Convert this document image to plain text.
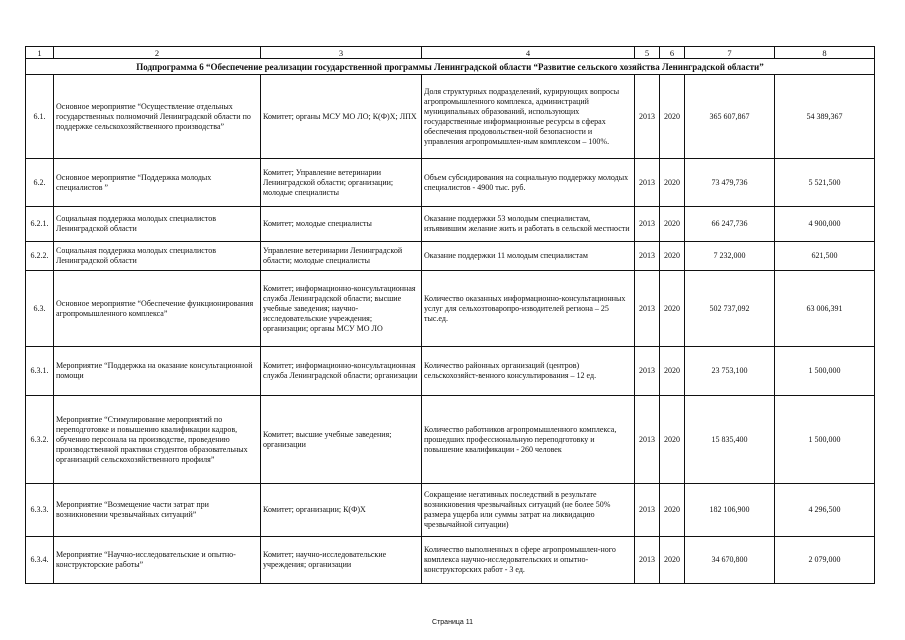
1	2	3	4	5	6	7	8
Подпрограмма 6 “Обеспечение реализации государственной программы Ленинградской области “Развитие сельского хозяйства Ленинградской области”							
6.1.	Основное мероприятие “Осуществление отдельных государственных полномочий Ленинградской области по поддержке сельскохозяйственного производства”	Комитет; органы МСУ МО ЛО; К(Ф)Х; ЛПХ	Доля структурных подразделений, курирующих вопросы агропромышленного комплекса, администраций муниципальных образований, использующих государственные информационные ресурсы в сферах обеспечения продовольствен-ной безопасности и управления агропромышлен-ным комплексом – 100%.	2013	2020	365 607,867	54 389,367
6.2.	Основное мероприятие “Поддержка молодых специалистов ”	Комитет; Управление ветеринарии Ленинградской области; организации; молодые специалисты	Объем субсидирования на социальную поддержку молодых специалистов - 4900 тыс. руб.	2013	2020	73 479,736	5 521,500
6.2.1.	Социальная поддержка молодых специалистов Ленинградской области	Комитет; молодые специалисты	Оказание поддержки 53 молодым специалистам, изъявившим желание жить и работать в сельской местности	2013	2020	66 247,736	4 900,000
6.2.2.	Социальная поддержка молодых специалистов Ленинградской области	Управление ветеринарии Ленинградской области; молодые специалисты	Оказание поддержки 11 молодым специалистам	2013	2020	7 232,000	621,500
6.3.	Основное мероприятие “Обеспечение функционирования агропромышленного комплекса”	Комитет; информационно-консультационная служба Ленинградской области; высшие учебные заведения; научно-исследовательские учреждения; организации; органы МСУ МО ЛО	Количество оказанных информационно-консультационных услуг для сельхозтоваропро-изводителей региона – 25 тыс.ед.	2013	2020	502 737,092	63 006,391
6.3.1.	Мероприятие “Поддержка на оказание консультационной помощи	Комитет; информационно-консультационная служба Ленинградской области; организации	Количество районных организаций (центров) сельскохозяйст-венного консультирования – 12 ед.	2013	2020	23 753,100	1 500,000
6.3.2.	Мероприятие “Стимулирование мероприятий по переподготовке и повышению квалификации кадров, обучению персонала на производстве, проведению производственной практики студентов образовательных организаций сельскохозяйственного профиля”	Комитет; высшие учебные заведения; организации	Количество работников агропромышленного комплекса, прошедших профессиональную переподготовку и повышение квалификации - 260 человек	2013	2020	15 835,400	1 500,000
6.3.3.	Мероприятие “Возмещение части затрат при возникновении чрезвычайных ситуаций”	Комитет; организации; К(Ф)Х	Сокращение негативных последствий в результате возникновения чрезвычайных ситуаций (не более 50% размера ущерба или суммы затрат на ликвидацию чрезвычайной ситуации)	2013	2020	182 106,900	4 296,500
6.3.4.	Мероприятие “Научно-исследовательские и опытно-конструкторские работы”	Комитет; научно-исследовательские учреждения; организации	Количество выполненных в сфере агропромышлен-ного комплекса научно-исследовательских и опытно-конструкторских работ - 3 ед.	2013	2020	34 670,800	2 079,000
Страница 11
